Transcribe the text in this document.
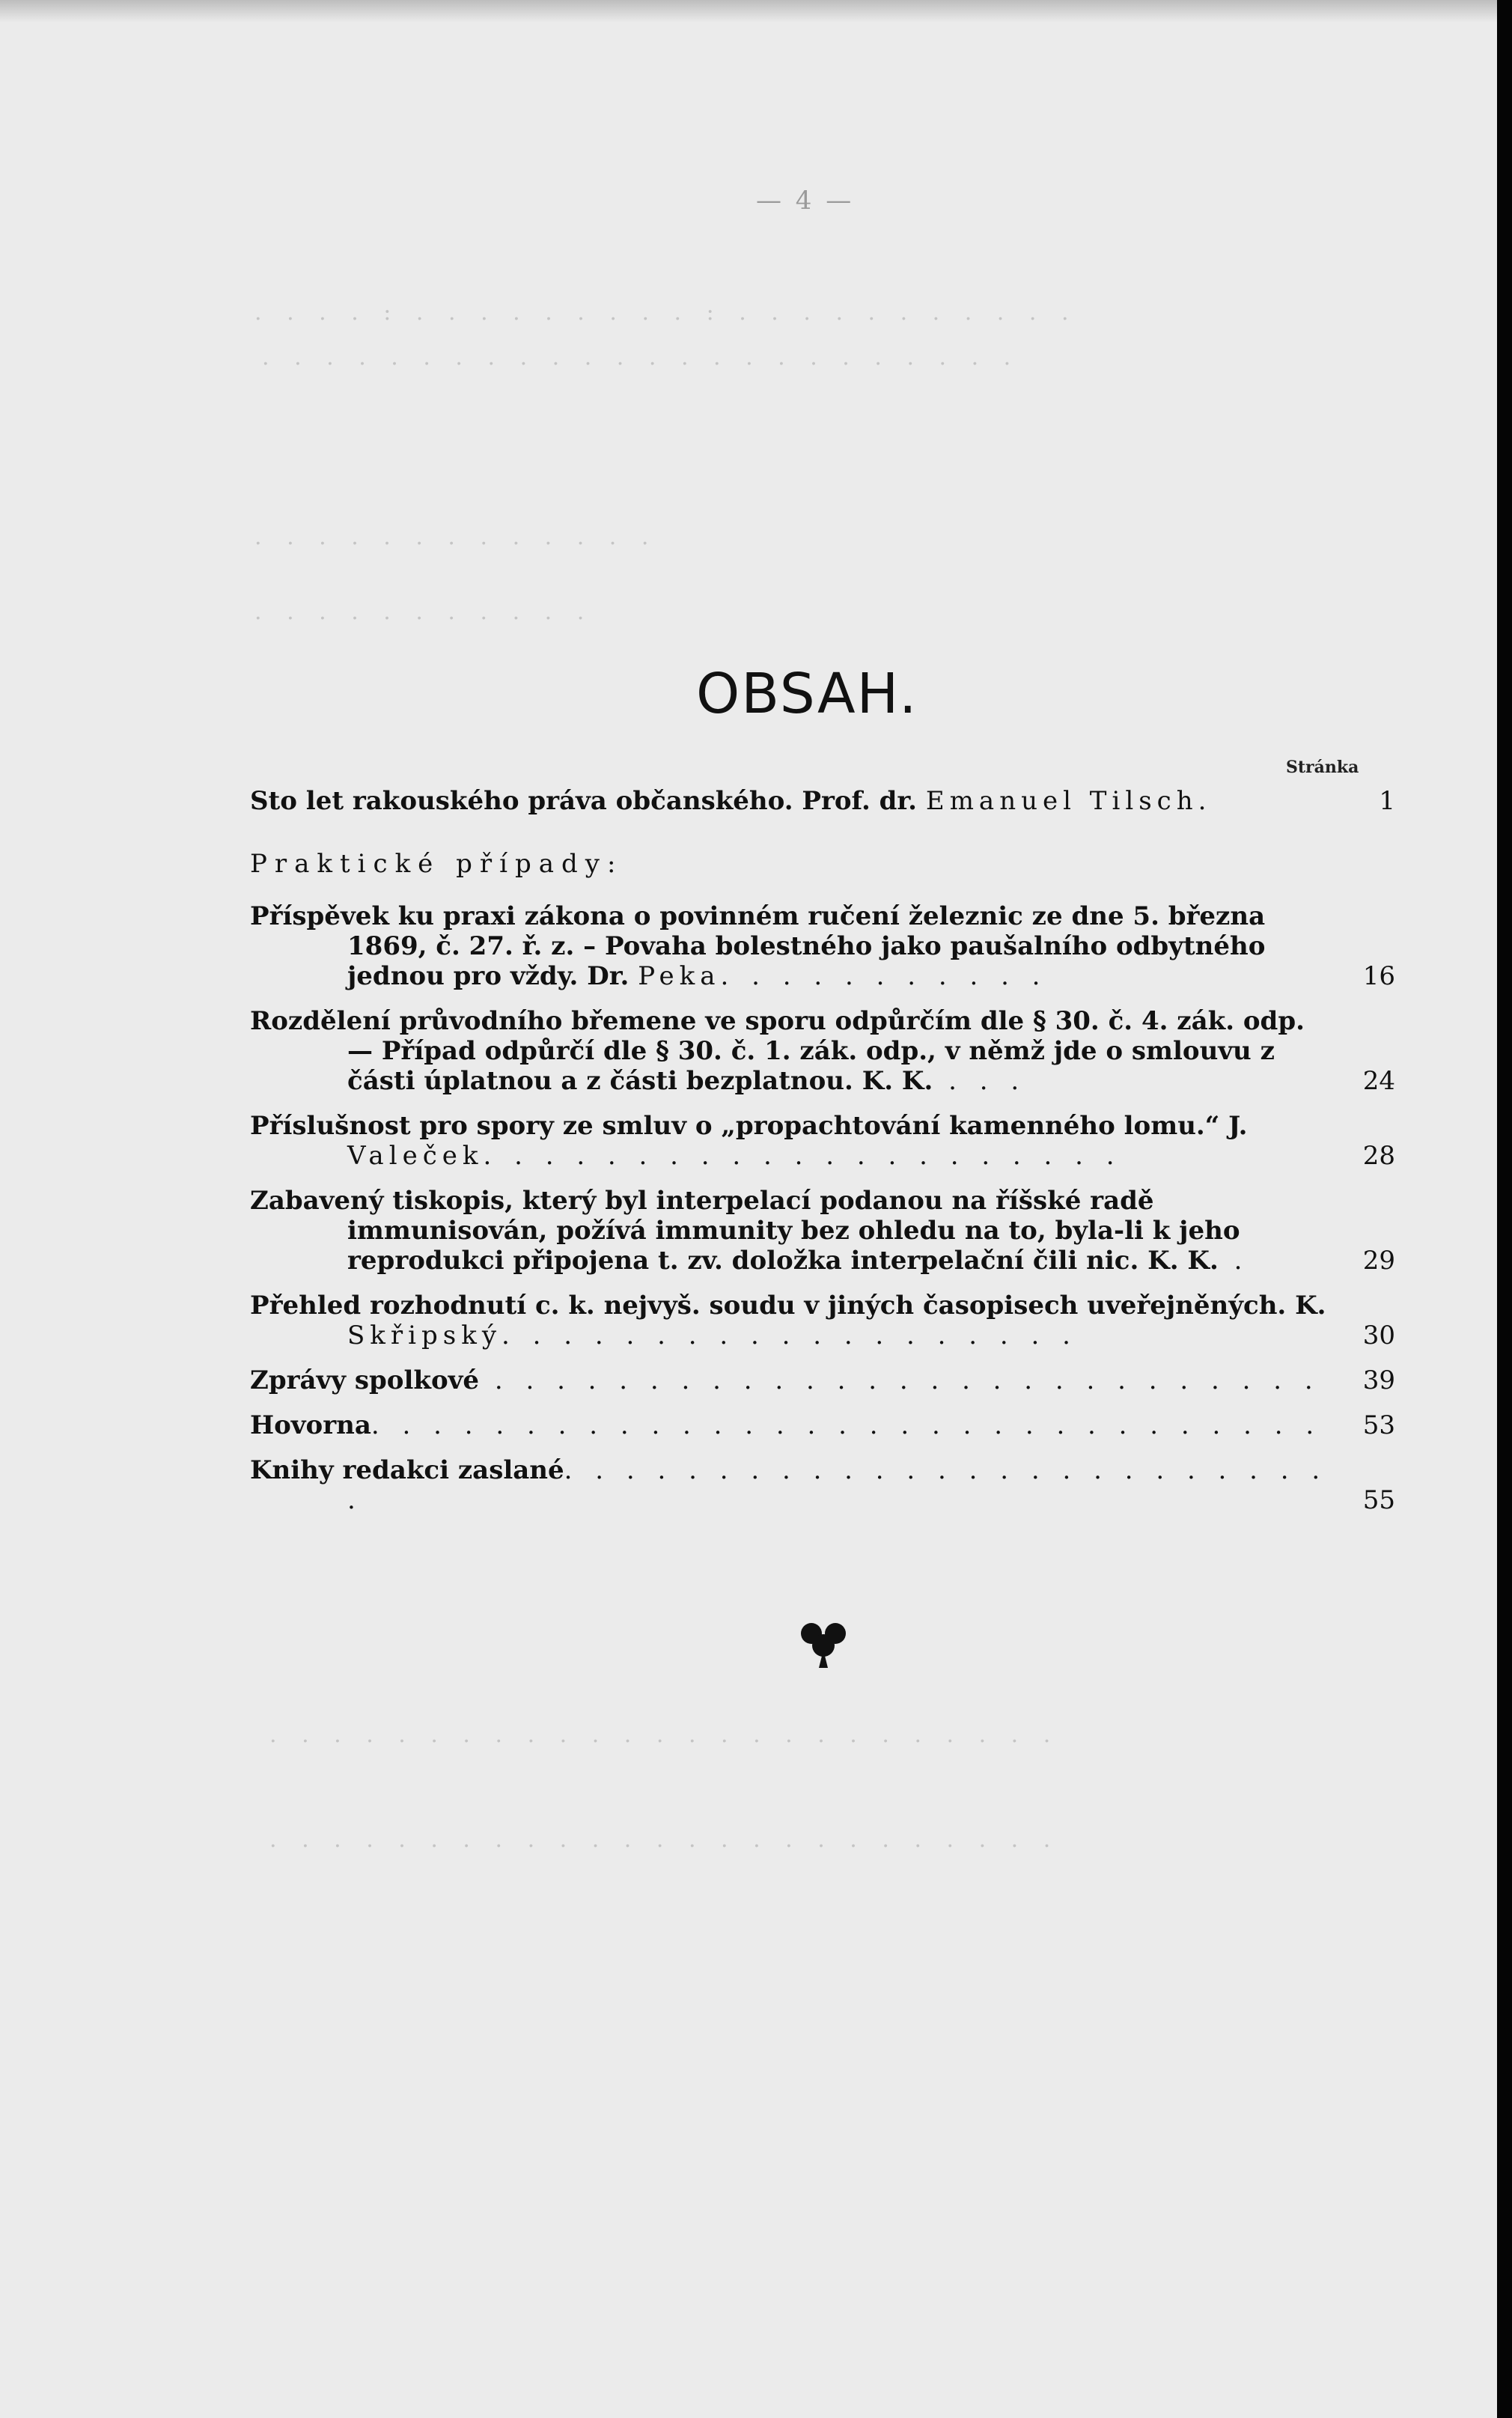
. . . . : . . . . . . . . . : . . . . . . . . . . .
. . . . . . . . . . . . . . . . . . . . . . . .
. . . . . . . . . . . . .
. . . . . . . . . . .
. . . . . . . . . . . . . . . . . . . . . . . . .
. . . . . . . . . . . . . . . . . . . . . . . . .
— 4 —
OBSAH.
Stránka
Sto let rakouského práva občanského. Prof. dr. Emanuel Tilsch.	1
Praktické případy:
Příspěvek ku praxi zákona o povinném ručení železnic ze dne 5. března 1869, č. 27. ř. z. – Povaha bolestného jako paušalního odbytného jednou pro vždy. Dr. Peka. . . . . . . . . . .	16
Rozdělení průvodního břemene ve sporu odpůrčím dle § 30. č. 4. zák. odp. — Případ odpůrčí dle § 30. č. 1. zák. odp., v němž jde o smlouvu z části úplatnou a z části bezplatnou. K. K. . . .	24
Příslušnost pro spory ze smluv o „propachtování kamenného lomu.“ J. Valeček. . . . . . . . . . . . . . . . . . . . .	28
Zabavený tiskopis, který byl interpelací podanou na říšské radě immunisován, požívá immunity bez ohledu na to, byla-li k jeho reprodukci připojena t. zv. doložka interpelační čili nic. K. K. .	29
Přehled rozhodnutí c. k. nejvyš. soudu v jiných časopisech uveřejněných. K. Skřipský. . . . . . . . . . . . . . . . . . .	30
Zprávy spolkové . . . . . . . . . . . . . . . . . . . . . . . . . . .	39
Hovorna. . . . . . . . . . . . . . . . . . . . . . . . . . . . . . .	53
Knihy redakci zaslané. . . . . . . . . . . . . . . . . . . . . . . . . .	55
